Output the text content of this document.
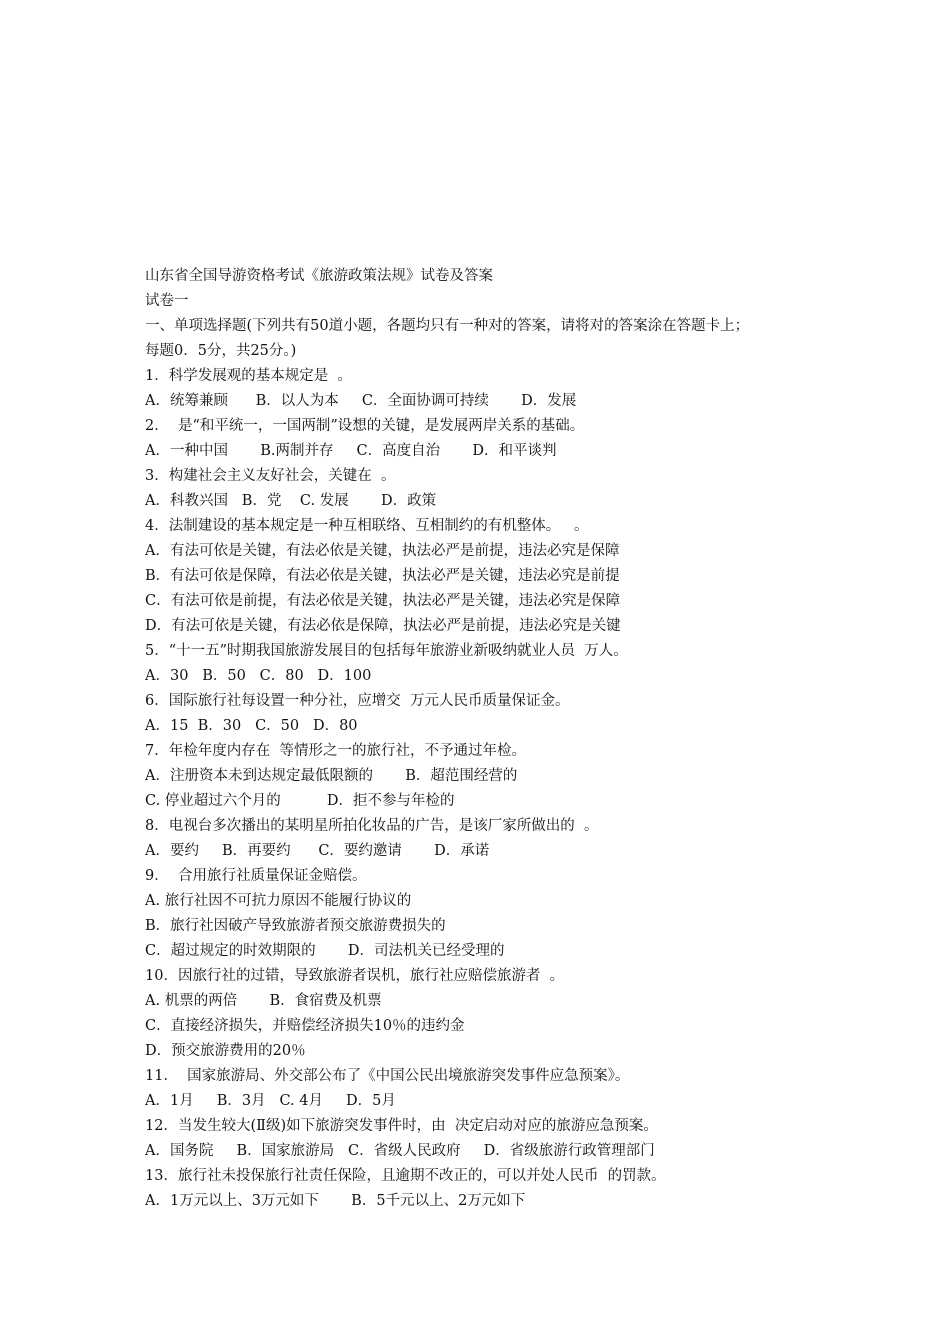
山东省全国导游资格考试《旅游政策法规》试卷及答案
试卷一
一、单项选择题(下列共有50道小题，各题均只有一种对的答案，请将对的答案涂在答题卡上；
每题0．5分，共25分。)
1．科学发展观的基本规定是  。
A．统筹兼顾      B．以人为本     C．全面协调可持续       D．发展
2．  是“和平统一，一国两制”设想的关键，是发展两岸关系的基础。
A．一种中国       B.两制并存     C．高度自治       D．和平谈判
3．构建社会主义友好社会，关键在  。
A．科教兴国   B．党    C. 发展       D．政策
4．法制建设的基本规定是一种互相联络、互相制约的有机整体。   。
A．有法可依是关键，有法必依是关键，执法必严是前提，违法必究是保障
B．有法可依是保障，有法必依是关键，执法必严是关键，违法必究是前提
C．有法可依是前提，有法必依是关键，执法必严是关键，违法必究是保障
D．有法可依是关键，有法必依是保障，执法必严是前提，违法必究是关键
5．“十一五”时期我国旅游发展目的包括每年旅游业新吸纳就业人员  万人。
A．30   B．50   C．80   D．100
6．国际旅行社每设置一种分社，应增交  万元人民币质量保证金。
A．15  B．30   C．50   D．80
7．年检年度内存在  等情形之一的旅行社，不予通过年检。
A．注册资本未到达规定最低限额的       B．超范围经营的
C. 停业超过六个月的          D．拒不参与年检的
8．电视台多次播出的某明星所拍化妆品的广告，是该厂家所做出的  。
A．要约     B．再要约      C．要约邀请       D．承诺
9．  合用旅行社质量保证金赔偿。
A. 旅行社因不可抗力原因不能履行协议的
B．旅行社因破产导致旅游者预交旅游费损失的
C．超过规定的时效期限的       D．司法机关已经受理的
10．因旅行社的过错，导致旅游者误机，旅行社应赔偿旅游者  。
A. 机票的两倍       B．食宿费及机票
C．直接经济损失，并赔偿经济损失10％的违约金
D．预交旅游费用的20％
11．  国家旅游局、外交部公布了《中国公民出境旅游突发事件应急预案》。
A．1月     B．3月   C. 4月     D．5月
12．当发生较大(Ⅱ级)如下旅游突发事件时，由  决定启动对应的旅游应急预案。
A．国务院     B．国家旅游局   C．省级人民政府     D．省级旅游行政管理部门
13．旅行社未投保旅行社责任保险，且逾期不改正的，可以并处人民币  的罚款。
A．1万元以上、3万元如下       B．5千元以上、2万元如下
